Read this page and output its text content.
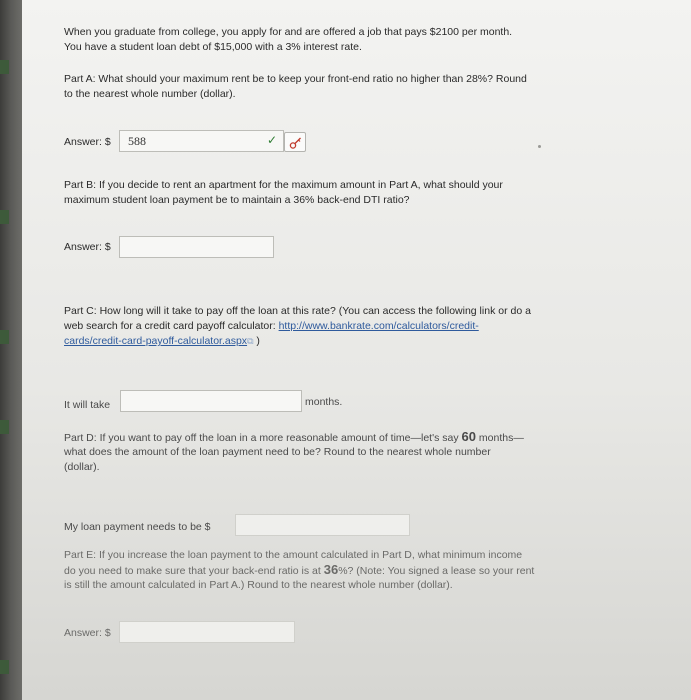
When you graduate from college, you apply for and are offered a job that pays $2100 per month.
You have a student loan debt of $15,000 with a 3% interest rate.
Part A: What should your maximum rent be to keep your front-end ratio no higher than 28%? Round
to the nearest whole number (dollar).
Answer: $ 588	✓
Part B: If you decide to rent an apartment for the maximum amount in Part A, what should your
maximum student loan payment be to maintain a 36% back-end DTI ratio?
Answer: $
Part C: How long will it take to pay off the loan at this rate? (You can access the following link or do a
web search for a credit card payoff calculator: http://www.bankrate.com/calculators/credit-
cards/credit-card-payoff-calculator.aspx⧉ )
It will take	months.
Part D: If you want to pay off the loan in a more reasonable amount of time—let's say 60 months—
what does the amount of the loan payment need to be? Round to the nearest whole number
(dollar).
My loan payment needs to be $
Part E: If you increase the loan payment to the amount calculated in Part D, what minimum income
do you need to make sure that your back-end ratio is at 36%? (Note: You signed a lease so your rent
is still the amount calculated in Part A.) Round to the nearest whole number (dollar).
Answer: $
